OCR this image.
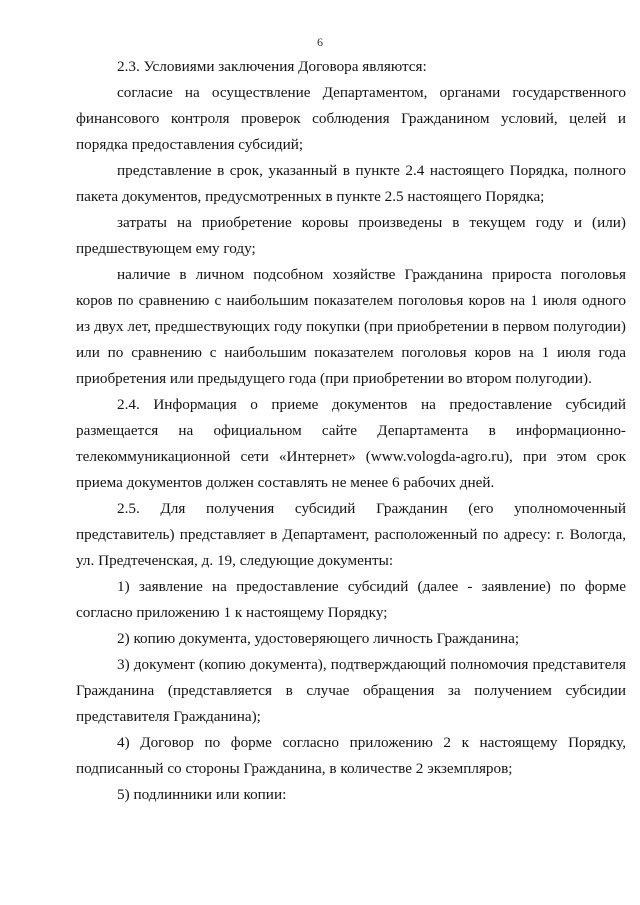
6

2.3. Условиями заключения Договора являются:

согласие на осуществление Департаментом, органами государственного финансового контроля проверок соблюдения Гражданином условий, целей и порядка предоставления субсидий;

представление в срок, указанный в пункте 2.4 настоящего Порядка, полного пакета документов, предусмотренных в пункте 2.5 настоящего Порядка;

затраты на приобретение коровы произведены в текущем году и (или) предшествующем ему году;

наличие в личном подсобном хозяйстве Гражданина прироста поголовья коров по сравнению с наибольшим показателем поголовья коров на 1 июля одного из двух лет, предшествующих году покупки (при приобретении в первом полугодии) или по сравнению с наибольшим показателем поголовья коров на 1 июля года приобретения или предыдущего года (при приобретении во втором полугодии).

2.4. Информация о приеме документов на предоставление субсидий размещается на официальном сайте Департамента в информационно-телекоммуникационной сети «Интернет» (www.vologda-agro.ru), при этом срок приема документов должен составлять не менее 6 рабочих дней.

2.5. Для получения субсидий Гражданин (его уполномоченный представитель) представляет в Департамент, расположенный по адресу: г. Вологда, ул. Предтеченская, д. 19, следующие документы:

1) заявление на предоставление субсидий (далее - заявление) по форме согласно приложению 1 к настоящему Порядку;

2) копию документа, удостоверяющего личность Гражданина;

3) документ (копию документа), подтверждающий полномочия представителя Гражданина (представляется в случае обращения за получением субсидии представителя Гражданина);

4) Договор по форме согласно приложению 2 к настоящему Порядку, подписанный со стороны Гражданина, в количестве 2 экземпляров;

5) подлинники или копии:
